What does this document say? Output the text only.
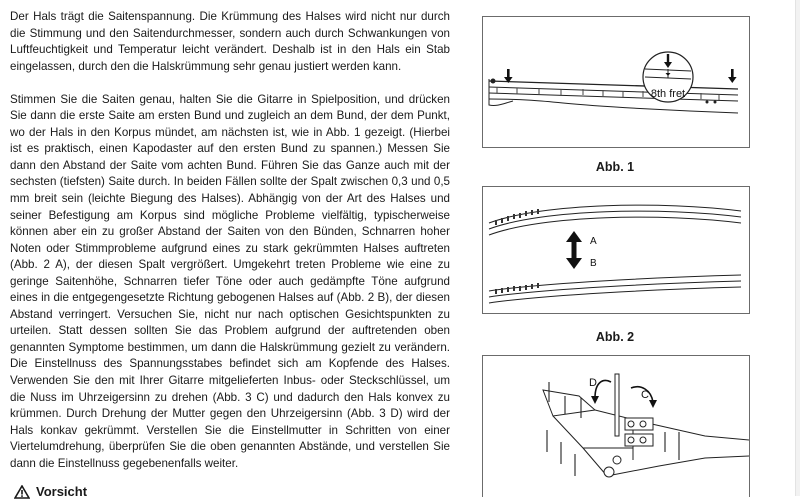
Der Hals trägt die Saitenspannung. Die Krümmung des Halses wird nicht nur durch die Stimmung und den Saitendurchmesser, sondern auch durch Schwankungen von Luftfeuchtigkeit und Temperatur leicht verändert. Deshalb ist in den Hals ein Stab eingelassen, durch den die Halskrümmung sehr genau justiert werden kann.

Stimmen Sie die Saiten genau, halten Sie die Gitarre in Spielposition, und drücken Sie dann die erste Saite am ersten Bund und zugleich an dem Bund, der dem Punkt, wo der Hals in den Korpus mündet, am nächsten ist, wie in Abb. 1 gezeigt. (Hierbei ist es praktisch, einen Kapodaster auf den ersten Bund zu spannen.) Messen Sie dann den Abstand der Saite vom achten Bund. Führen Sie das Ganze auch mit der sechsten (tiefsten) Saite durch. In beiden Fällen sollte der Spalt zwischen 0,3 und 0,5 mm breit sein (leichte Biegung des Halses). Abhängig von der Art des Halses und seiner Befestigung am Korpus sind mögliche Probleme vielfältig, typischerweise können aber ein zu großer Abstand der Saiten von den Bünden, Schnarren hoher Noten oder Stimmprobleme aufgrund eines zu stark gekrümmten Halses auftreten (Abb. 2 A), der diesen Spalt vergrößert. Umgekehrt treten Probleme wie eine zu geringe Saitenhöhe, Schnarren tiefer Töne oder auch gedämpfte Töne aufgrund eines in die entgegengesetzte Richtung gebogenen Halses auf (Abb. 2 B), der diesen Abstand verringert. Versuchen Sie, nicht nur nach optischen Gesichtspunkten zu urteilen. Statt dessen sollten Sie das Problem aufgrund der auftretenden oben genannten Symptome bestimmen, um dann die Halskrümmung gezielt zu verändern. Die Einstellnuss des Spannungsstabes befindet sich am Kopfende des Halses. Verwenden Sie den mit Ihrer Gitarre mitgelieferten Inbus- oder Steckschlüssel, um die Nuss im Uhrzeigersinn zu drehen (Abb. 3 C) und dadurch den Hals konvex zu krümmen. Durch Drehung der Mutter gegen den Uhrzeigersinn (Abb. 3 D) wird der Hals konkav gekrümmt. Verstellen Sie die Einstellmutter in Schritten von einer Viertelumdrehung, überprüfen Sie die oben genannten Abstände, und verstellen Sie dann die Einstellnuss gegebenenfalls weiter.

Vorsicht
8th fret
Abb. 1
A
B
Abb. 2
D
C
